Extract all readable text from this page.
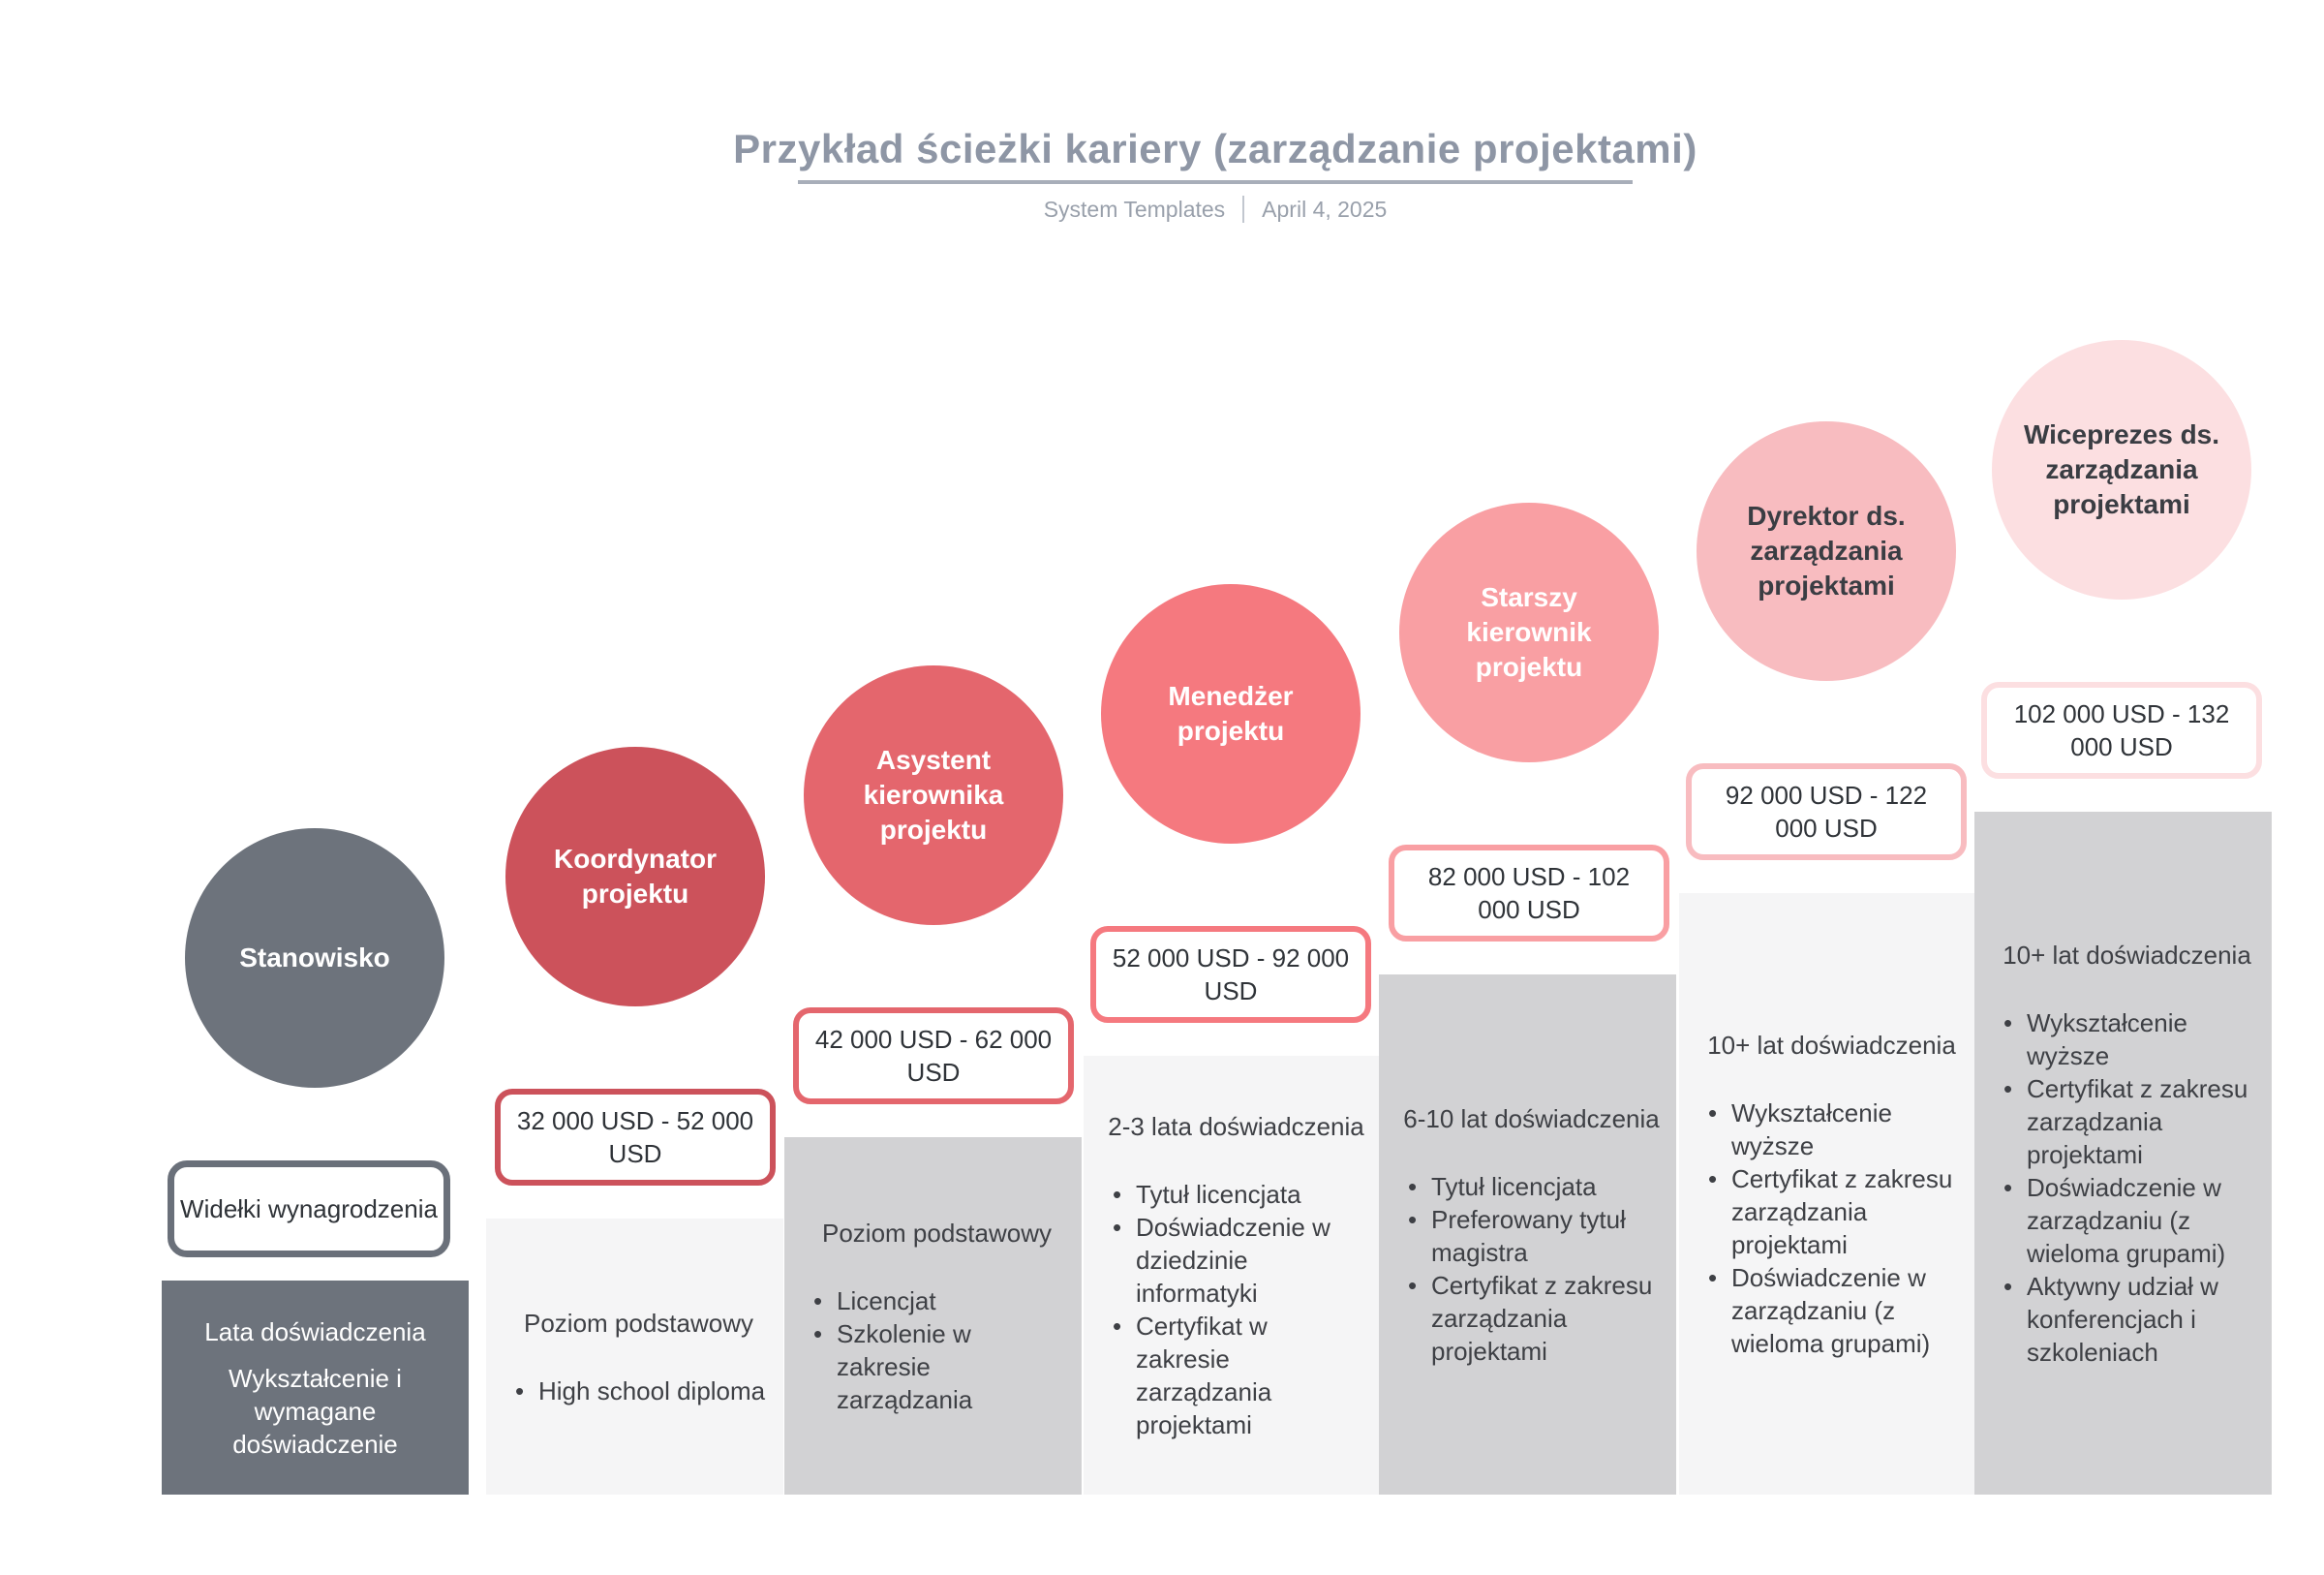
Przykład ścieżki kariery (zarządzanie projektami)
System Templates April 4, 2025
Stanowisko
Widełki wynagrodzenia
Lata doświadczenia
Wykształcenie i wymagane doświadczenie
Koordynator projektu
32 000 USD - 52 000 USD
Poziom podstawowy
• High school diploma
Asystent kierownika projektu
42 000 USD - 62 000 USD
Poziom podstawowy
• Licencjat
• Szkolenie w zakresie zarządzania
Menedżer projektu
52 000 USD - 92 000 USD
2-3 lata doświadczenia
• Tytuł licencjata
• Doświadczenie w dziedzinie informatyki
• Certyfikat w zakresie zarządzania projektami
Starszy kierownik projektu
82 000 USD - 102 000 USD
6-10 lat doświadczenia
• Tytuł licencjata
• Preferowany tytuł magistra
• Certyfikat z zakresu zarządzania projektami
Dyrektor ds. zarządzania projektami
92 000 USD - 122 000 USD
10+ lat doświadczenia
• Wykształcenie wyższe
• Certyfikat z zakresu zarządzania projektami
• Doświadczenie w zarządzaniu (z wieloma grupami)
Wiceprezes ds. zarządzania projektami
102 000 USD - 132 000 USD
10+ lat doświadczenia
• Wykształcenie wyższe
• Certyfikat z zakresu zarządzania projektami
• Doświadczenie w zarządzaniu (z wieloma grupami)
• Aktywny udział w konferencjach i szkoleniach
